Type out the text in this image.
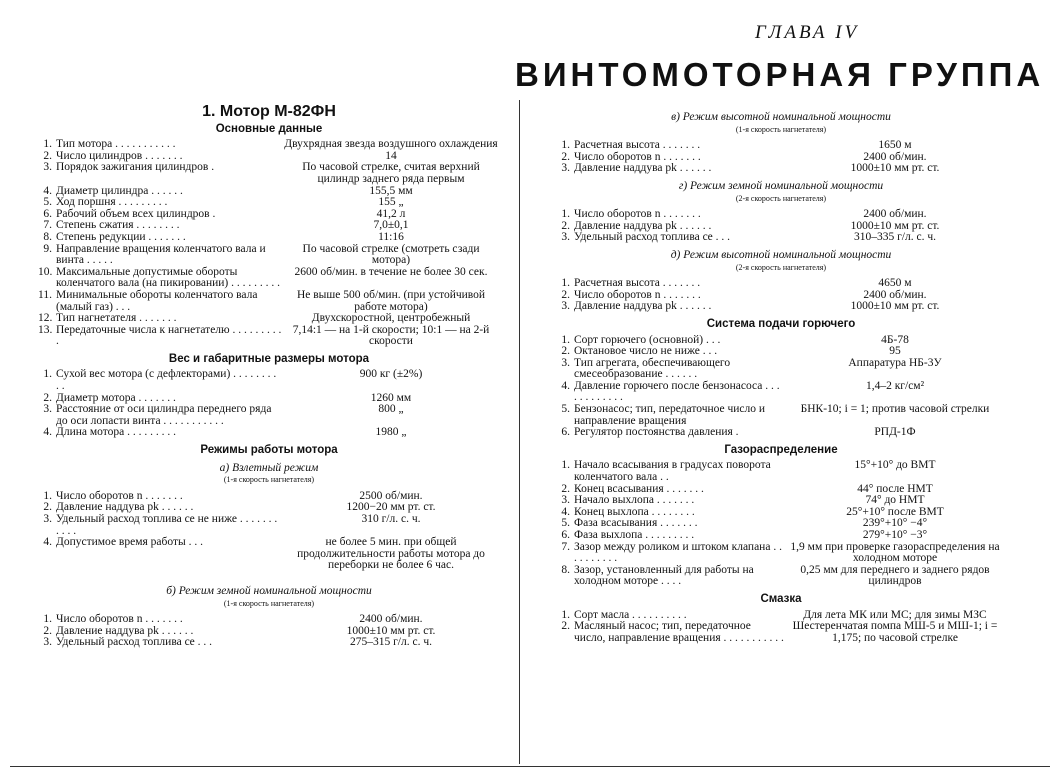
ГЛАВА IV
ВИНТОМОТОРНАЯ ГРУППА
1. Мотор М-82ФН
Основные данные
1. Тип мотора . . . . . . . . . . .	Двухрядная звезда воздушного охлаждения
2. Число цилиндров . . . . . . .	14
3. Порядок зажигания цилиндров .	По часовой стрелке, считая верхний цилиндр заднего ряда первым
4. Диаметр цилиндра . . . . . .	155,5 мм
5. Ход поршня . . . . . . . . .	155 „
6. Рабочий объем всех цилиндров .	41,2 л
7. Степень сжатия . . . . . . . .	7,0±0,1
8. Степень редукции . . . . . . .	11:16
9. Направление вращения коленчатого вала и винта . . . . .
По часовой стрелке (смотреть сзади мотора)
10. Максимальные допустимые обороты коленчатого вала (на пикировании) . . . . . . . . .
2600 об/мин. в течение не более 30 сек.
11. Минимальные обороты коленчатого вала (малый газ) . . .
Не выше 500 об/мин. (при устойчивой работе мотора)
12. Тип нагнетателя . . . . . . .	Двухскоростной, центробежный
13. Передаточные числа к нагнетателю . . . . . . . . . .
7,14:1 — на 1-й скорости; 10:1 — на 2-й скорости
Вес и габаритные размеры мотора
1. Сухой вес мотора (с дефлекторами) . . . . . . . . . .
900 кг (±2%)
2. Диаметр мотора . . . . . . .	1260 мм
3. Расстояние от оси цилиндра переднего ряда до оси лопасти винта . . . . . . . . . . .
800 „
4. Длина мотора . . . . . . . . .	1980 „
Режимы работы мотора
а) Взлетный режим
(1-я скорость нагнетателя)
1. Число оборотов n . . . . . . .	2500 об/мин.
2. Давление наддува pk . . . . . .	1200−20 мм рт. ст.
3. Удельный расход топлива ce не ниже . . . . . . . . . . .
310 г/л. с. ч.
4. Допустимое время работы . . .	не более 5 мин. при общей продолжительности работы мотора до переборки не более 6 час.
б) Режим земной номинальной мощности
(1-я скорость нагнетателя)
1. Число оборотов n . . . . . . .	2400 об/мин.
2. Давление наддува pk . . . . . .	1000±10 мм рт. ст.
3. Удельный расход топлива ce . . .	275–315 г/л. с. ч.
в) Режим высотной номинальной мощности
(1-я скорость нагнетателя)
1. Расчетная высота . . . . . . .	1650 м
2. Число оборотов n . . . . . . .	2400 об/мин.
3. Давление наддува pk . . . . . .	1000±10 мм рт. ст.
г) Режим земной номинальной мощности
(2-я скорость нагнетателя)
1. Число оборотов n . . . . . . .	2400 об/мин.
2. Давление наддува pk . . . . . .	1000±10 мм рт. ст.
3. Удельный расход топлива ce . . .	310–335 г/л. с. ч.
д) Режим высотной номинальной мощности
(2-я скорость нагнетателя)
1. Расчетная высота . . . . . . .	4650 м
2. Число оборотов n . . . . . . .	2400 об/мин.
3. Давление наддува pk . . . . . .	1000±10 мм рт. ст.
Система подачи горючего
1. Сорт горючего (основной) . . .	4Б-78
2. Октановое число не ниже . . .	95
3. Тип агрегата, обеспечивающего смесеобразование . . . . . .
Аппаратура НБ-3У
4. Давление горючего после бензонасоса . . . . . . . . . . . .
1,4–2 кг/см²
5. Бензонасос; тип, передаточное число и направление вращения
БНК-10; i = 1; против часовой стрелки
6. Регулятор постоянства давления .	РПД-1Ф
Газораспределение
1. Начало всасывания в градусах поворота коленчатого вала . .
15°+10° до ВМТ
2. Конец всасывания . . . . . . .	44° после НМТ
3. Начало выхлопа . . . . . . .	74° до НМТ
4. Конец выхлопа . . . . . . . .	25°+10° после ВМТ
5. Фаза всасывания . . . . . . .	239°+10° −4°
6. Фаза выхлопа . . . . . . . . .	279°+10° −3°
7. Зазор между роликом и штоком клапана . . . . . . . . . .
1,9 мм при проверке газораспределения на холодном моторе
8. Зазор, установленный для работы на холодном моторе . . . .
0,25 мм для переднего и заднего рядов цилиндров
Смазка
1. Сорт масла . . . . . . . . . .	Для лета МК или МС; для зимы МЗС
2. Масляный насос; тип, передаточное число, направление вращения . . . . . . . . . . .
Шестеренчатая помпа МШ-5 и МШ-1; i = 1,175; по часовой стрелке
